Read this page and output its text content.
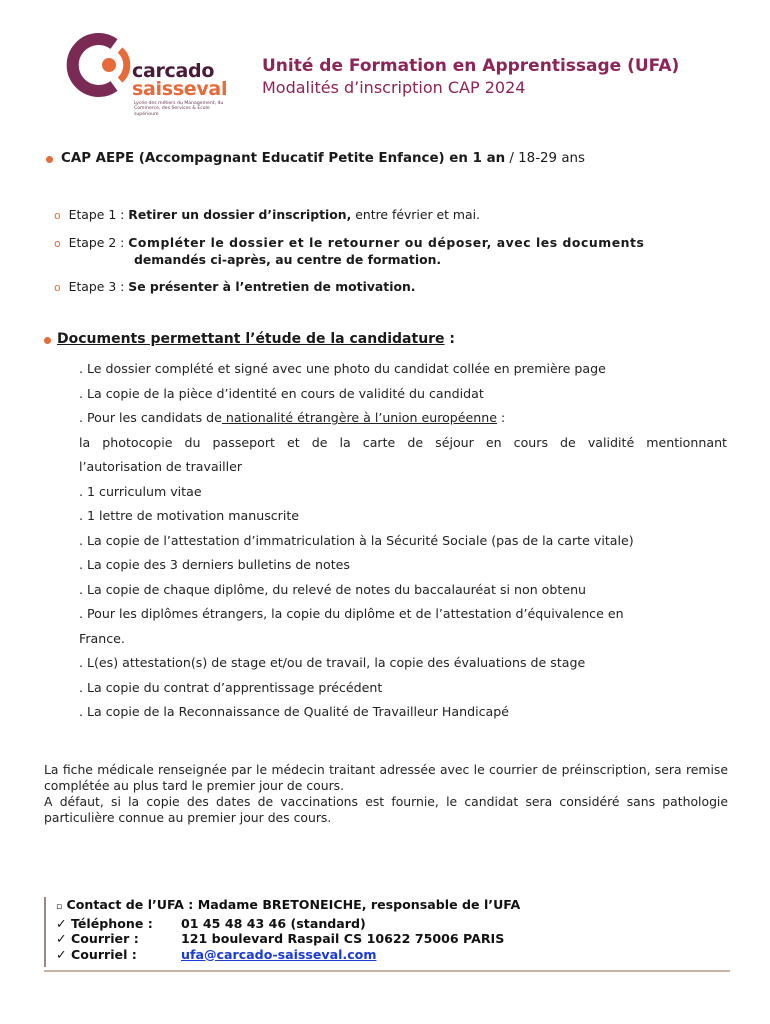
carcado
saisseval
Lycée des métiers du Management, du Commerce, des Services & Ecole supérieure
Unité de Formation en Apprentissage (UFA)
Modalités d’inscription CAP 2024
CAP AEPE (Accompagnant Educatif Petite Enfance) en 1 an / 18-29 ans
o Etape 1 : Retirer un dossier d’inscription, entre février et mai.
o Etape 2 : Compléter le dossier et le retourner ou déposer, avec les documents
demandés ci-après, au centre de formation.
o Etape 3 : Se présenter à l’entretien de motivation.
Documents permettant l’étude de la candidature :
. Le dossier complété et signé avec une photo du candidat collée en première page
. La copie de la pièce d’identité en cours de validité du candidat
. Pour les candidats de nationalité étrangère à l’union européenne :
la photocopie du passeport et de la carte de séjour en cours de validité mentionnant
l’autorisation de travailler
. 1 curriculum vitae
. 1 lettre de motivation manuscrite
. La copie de l’attestation d’immatriculation à la Sécurité Sociale (pas de la carte vitale)
. La copie des 3 derniers bulletins de notes
. La copie de chaque diplôme, du relevé de notes du baccalauréat si non obtenu
. Pour les diplômes étrangers, la copie du diplôme et de l’attestation d’équivalence en
France.
. L(es) attestation(s) de stage et/ou de travail, la copie des évaluations de stage
. La copie du contrat d’apprentissage précédent
. La copie de la Reconnaissance de Qualité de Travailleur Handicapé
La fiche médicale renseignée par le médecin traitant adressée avec le courrier de préinscription, sera remise complétée au plus tard le premier jour de cours.
A défaut, si la copie des dates de vaccinations est fournie, le candidat sera considéré sans pathologie particulière connue au premier jour des cours.
▫ Contact de l’UFA : Madame BRETONEICHE, responsable de l’UFA
✓ Téléphone :	01 45 48 43 46 (standard)
✓ Courrier :	121 boulevard Raspail CS 10622 75006 PARIS
✓ Courriel :	ufa@carcado-saisseval.com
